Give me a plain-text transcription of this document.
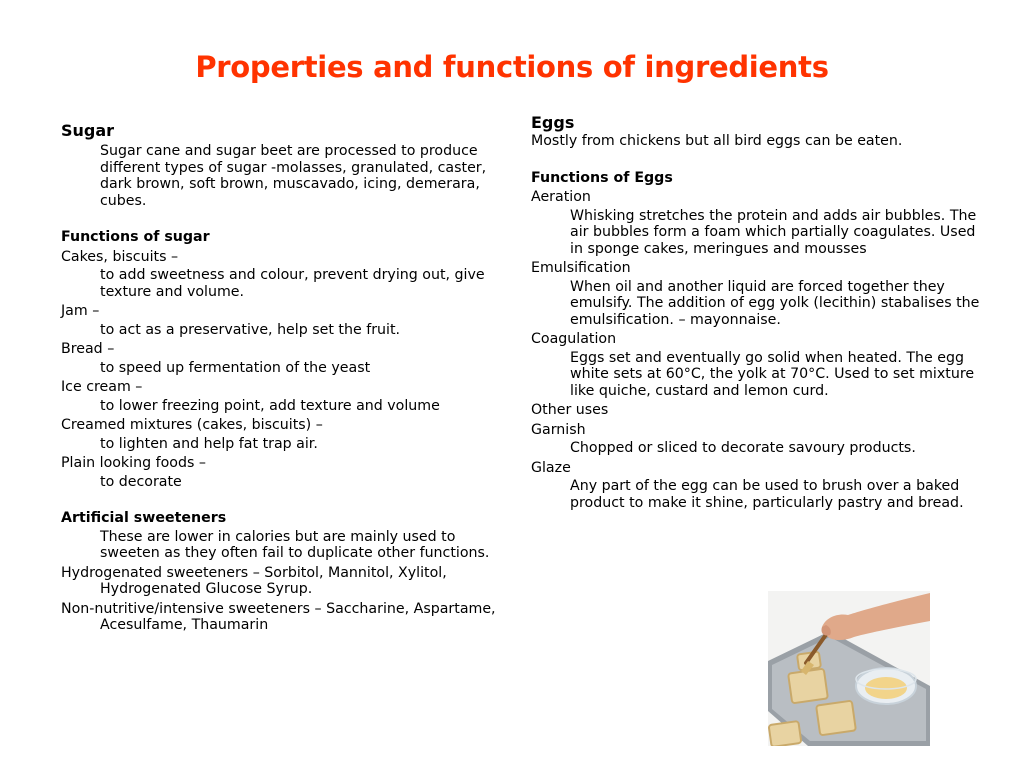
Properties and functions of ingredients
Sugar
Sugar cane and sugar beet are processed to produce different types of sugar -molasses, granulated, caster, dark brown, soft brown, muscavado, icing, demerara, cubes.
Functions of sugar
Cakes, biscuits –
to add sweetness and colour, prevent drying out, give texture and volume.
Jam –
to act as a preservative, help set the fruit.
Bread –
to speed up fermentation of the yeast
Ice cream –
to lower freezing point, add texture and volume
Creamed mixtures (cakes, biscuits) –
to lighten and help fat trap air.
Plain looking foods –
to decorate
Artificial sweeteners
These are lower in calories but are mainly used to sweeten as they often fail to duplicate other functions.
Hydrogenated sweeteners – Sorbitol, Mannitol, Xylitol, Hydrogenated Glucose Syrup.
Non-nutritive/intensive sweeteners – Saccharine, Aspartame, Acesulfame, Thaumarin
Eggs
Mostly from chickens but all bird eggs can be eaten.
Functions of Eggs
Aeration
Whisking stretches the protein and adds air bubbles. The air bubbles form a foam which partially coagulates. Used in sponge cakes, meringues and mousses
Emulsification
When oil and another liquid are forced together they emulsify. The addition of egg yolk (lecithin) stabalises the emulsification. – mayonnaise.
Coagulation
Eggs set and eventually go solid when heated. The egg white sets at 60°C, the yolk at 70°C. Used to set mixture like quiche, custard and lemon curd.
Other uses
Garnish
Chopped or sliced to decorate savoury products.
Glaze
Any part of the egg can be used to brush over a baked product to make it shine, particularly pastry and bread.
